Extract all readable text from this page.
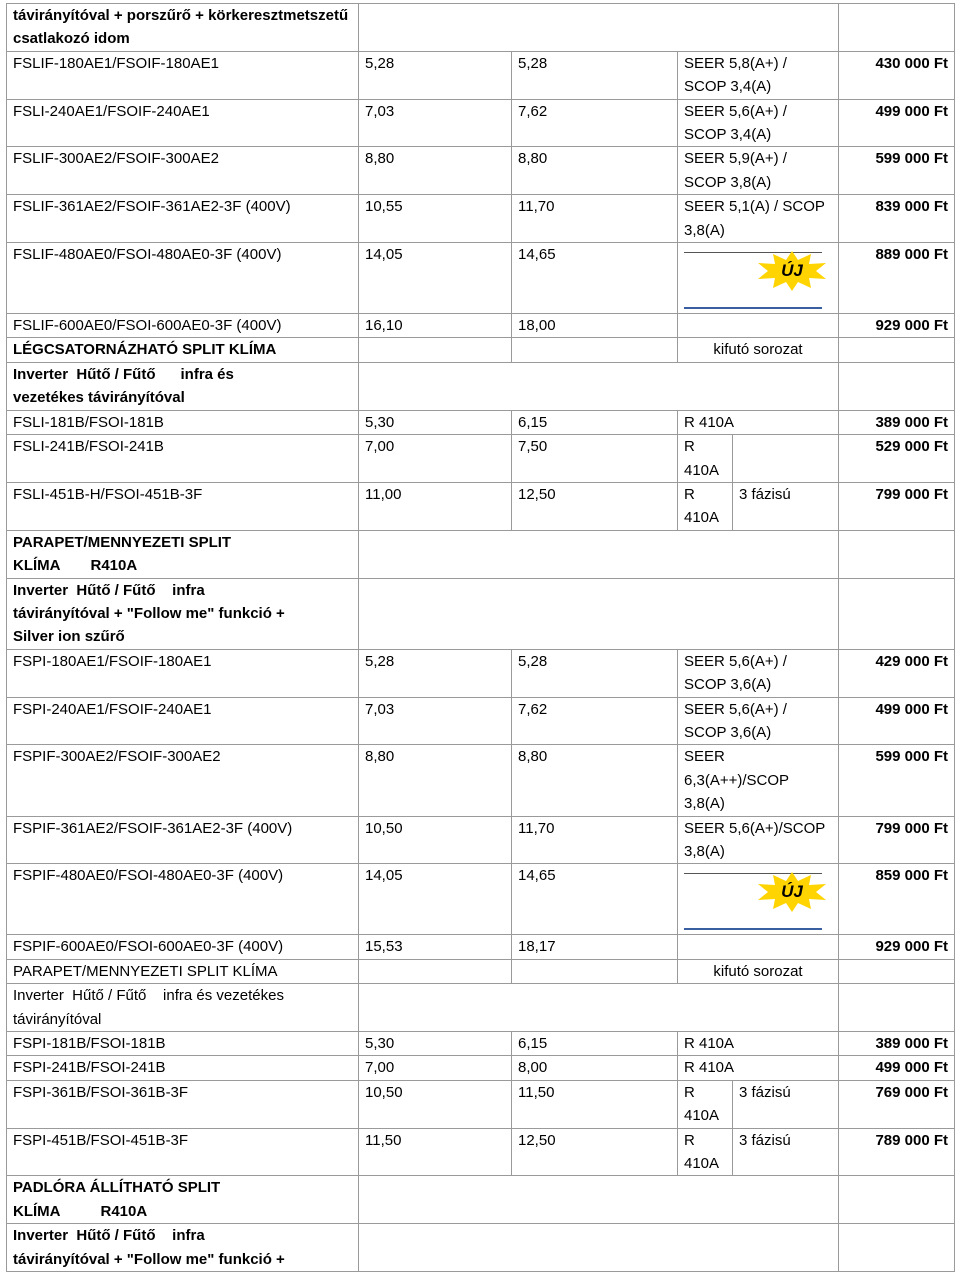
távirányítóval + porszűrő + körkeresztmetszetű csatlakozó idom					
FSLIF-180AE1/FSOIF-180AE1	5,28	5,28	SEER 5,8(A+) / SCOP 3,4(A)		430 000 Ft
FSLI-240AE1/FSOIF-240AE1	7,03	7,62	SEER 5,6(A+) / SCOP 3,4(A)		499 000 Ft
FSLIF-300AE2/FSOIF-300AE2	8,80	8,80	SEER 5,9(A+) / SCOP 3,8(A)		599 000 Ft
FSLIF-361AE2/FSOIF-361AE2-3F (400V)	10,55	11,70	SEER 5,1(A) / SCOP 3,8(A)		839 000 Ft
FSLIF-480AE0/FSOI-480AE0-3F (400V)	14,05	14,65	ÚJ		889 000 Ft
FSLIF-600AE0/FSOI-600AE0-3F (400V)	16,10	18,00			929 000 Ft
LÉGCSATORNÁZHATÓ SPLIT KLÍMA			kifutó sorozat		

Inverter  Hűtő / Fűtő      infra és
vezetékes távirányítóval					

FSLI-181B/FSOI-181B	5,30	6,15	R 410A		389 000 Ft
FSLI-241B/FSOI-241B	7,00	7,50	R 410A		529 000 Ft
FSLI-451B-H/FSOI-451B-3F	11,00	12,50	R 410A	3 fázisú	799 000 Ft
PARAPET/MENNYEZETI SPLIT KLÍMA R410A					

Inverter  Hűtő / Fűtő    infra
távirányítóval + "Follow me" funkció +
Silver ion szűrő					

FSPI-180AE1/FSOIF-180AE1	5,28	5,28	SEER 5,6(A+) / SCOP 3,6(A)		429 000 Ft
FSPI-240AE1/FSOIF-240AE1	7,03	7,62	SEER 5,6(A+) / SCOP 3,6(A)		499 000 Ft
FSPIF-300AE2/FSOIF-300AE2	8,80	8,80	SEER 6,3(A++)/SCOP 3,8(A)		599 000 Ft
FSPIF-361AE2/FSOIF-361AE2-3F (400V)	10,50	11,70	SEER 5,6(A+)/SCOP 3,8(A)		799 000 Ft
FSPIF-480AE0/FSOI-480AE0-3F (400V)	14,05	14,65	ÚJ		859 000 Ft
FSPIF-600AE0/FSOI-600AE0-3F (400V)	15,53	18,17			929 000 Ft
PARAPET/MENNYEZETI SPLIT KLÍMA			kifutó sorozat		

Inverter  Hűtő / Fűtő    infra és vezetékes
távirányítóval					

FSPI-181B/FSOI-181B	5,30	6,15	R 410A		389 000 Ft
FSPI-241B/FSOI-241B	7,00	8,00	R 410A		499 000 Ft
FSPI-361B/FSOI-361B-3F	10,50	11,50	R 410A	3 fázisú	769 000 Ft
FSPI-451B/FSOI-451B-3F	11,50	12,50	R 410A	3 fázisú	789 000 Ft
PADLÓRA ÁLLÍTHATÓ SPLIT KLÍMA R410A					

Inverter  Hűtő / Fűtő    infra
távirányítóval + "Follow me" funkció +					
